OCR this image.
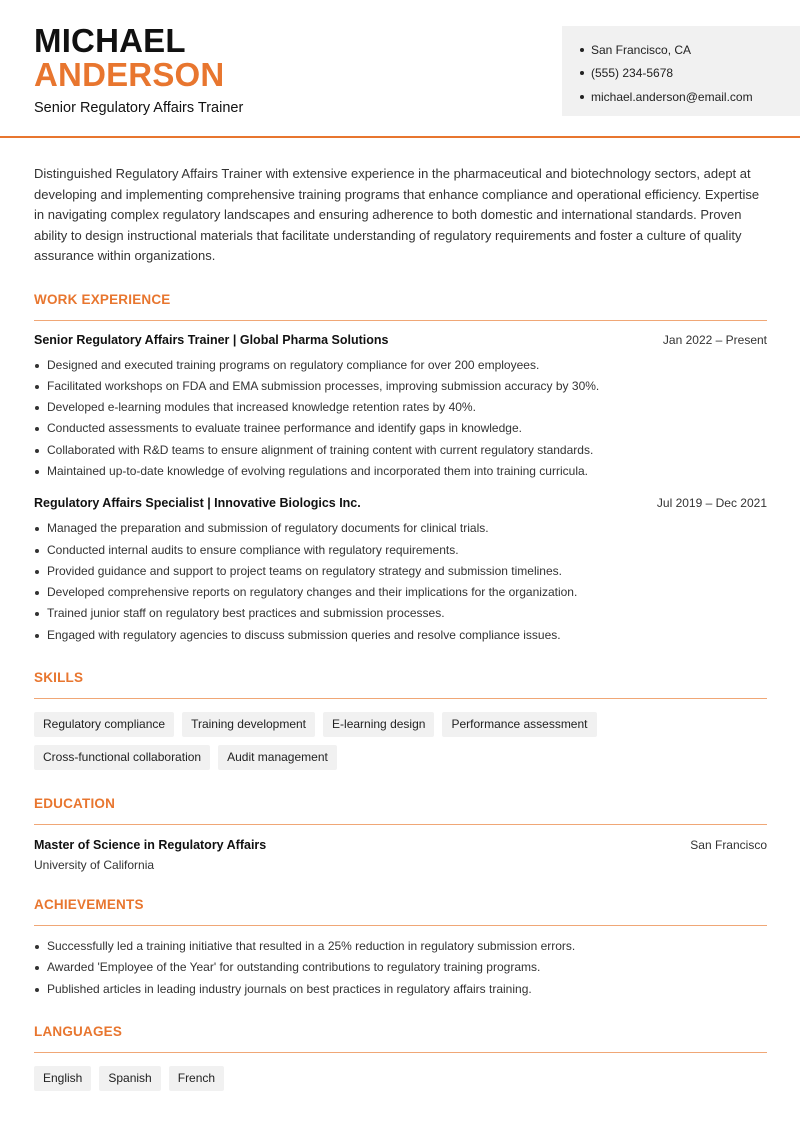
MICHAEL
ANDERSON
Senior Regulatory Affairs Trainer
San Francisco, CA
(555) 234-5678
michael.anderson@email.com

Distinguished Regulatory Affairs Trainer with extensive experience in the pharmaceutical and biotechnology sectors, adept at developing and implementing comprehensive training programs that enhance compliance and operational efficiency. Expertise in navigating complex regulatory landscapes and ensuring adherence to both domestic and international standards. Proven ability to design instructional materials that facilitate understanding of regulatory requirements and foster a culture of quality assurance within organizations.

WORK EXPERIENCE
Senior Regulatory Affairs Trainer | Global Pharma Solutions	Jan 2022 – Present
Designed and executed training programs on regulatory compliance for over 200 employees.
Facilitated workshops on FDA and EMA submission processes, improving submission accuracy by 30%.
Developed e-learning modules that increased knowledge retention rates by 40%.
Conducted assessments to evaluate trainee performance and identify gaps in knowledge.
Collaborated with R&D teams to ensure alignment of training content with current regulatory standards.
Maintained up-to-date knowledge of evolving regulations and incorporated them into training curricula.
Regulatory Affairs Specialist | Innovative Biologics Inc.	Jul 2019 – Dec 2021
Managed the preparation and submission of regulatory documents for clinical trials.
Conducted internal audits to ensure compliance with regulatory requirements.
Provided guidance and support to project teams on regulatory strategy and submission timelines.
Developed comprehensive reports on regulatory changes and their implications for the organization.
Trained junior staff on regulatory best practices and submission processes.
Engaged with regulatory agencies to discuss submission queries and resolve compliance issues.
SKILLS
Regulatory compliance	Training development	E-learning design	Performance assessment
Cross-functional collaboration	Audit management
EDUCATION
Master of Science in Regulatory Affairs	San Francisco
University of California
ACHIEVEMENTS
Successfully led a training initiative that resulted in a 25% reduction in regulatory submission errors.
Awarded 'Employee of the Year' for outstanding contributions to regulatory training programs.
Published articles in leading industry journals on best practices in regulatory affairs training.
LANGUAGES
English	Spanish	French
